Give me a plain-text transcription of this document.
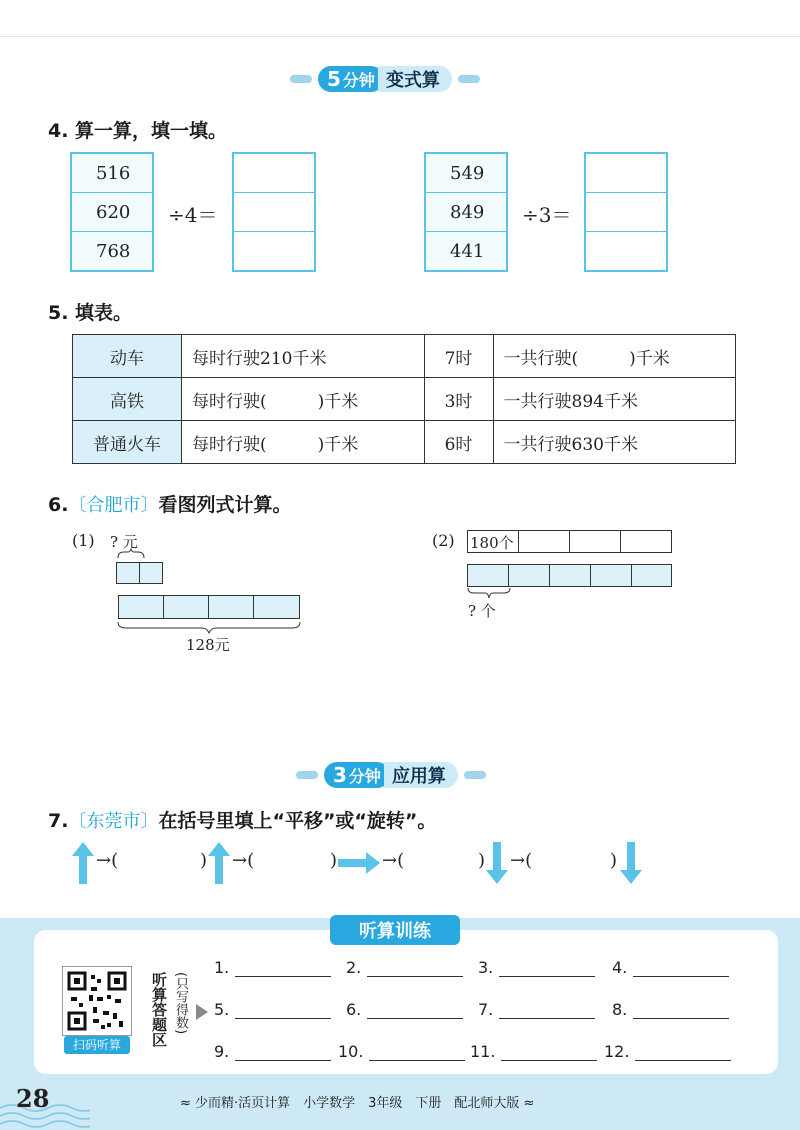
5 分钟 变式算
4. 算一算，填一填。
516
620
768
÷4＝
549
849
441
÷3＝
5. 填表。
动车	每时行驶210千米	7时	一共行驶(　　　)千米
高铁	每时行驶(　　　)千米	3时	一共行驶894千米
普通火车	每时行驶(　　　)千米	6时	一共行驶630千米
6.〔合肥市〕看图列式计算。
(1) ? 元
128元
(2) 180个
? 个
3 分钟 应用算
7.〔东莞市〕在括号里填上“平移”或“旋转”。
→(	) →(	) →(	) →(	)
听算训练
扫码听算	听算答题区 (只写得数)
1.	2.	3.	4.
5.	6.	7.	8.
9.	10.	11.	12.
28	≈ 少而精·活页计算　小学数学　3年级　下册　配北师大版 ≈
